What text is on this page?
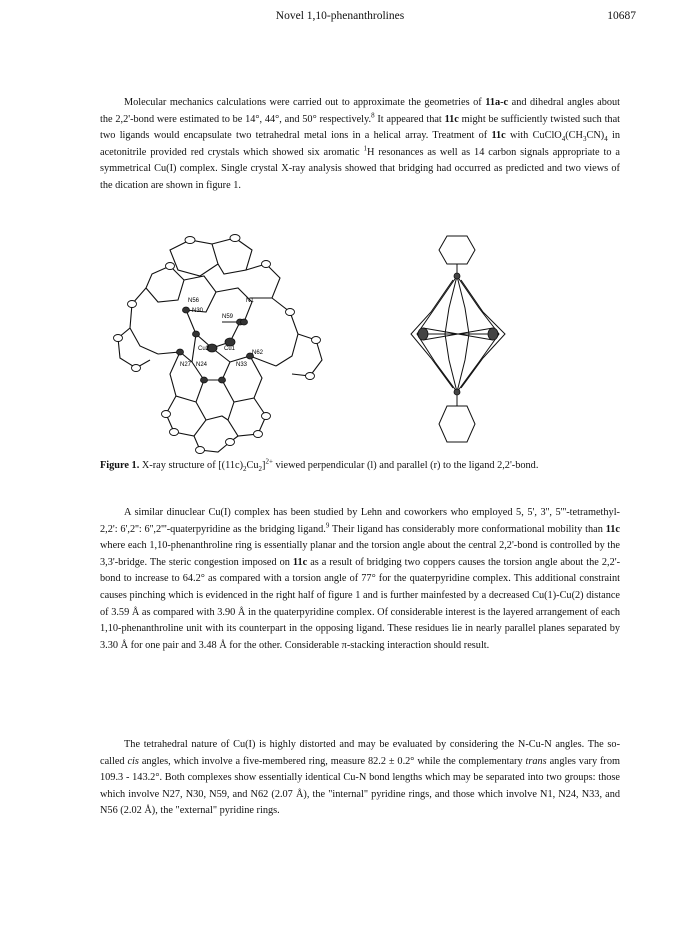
Novel 1,10-phenanthrolines	10687

Molecular mechanics calculations were carried out to approximate the geometries of 11a-c and dihedral angles about the 2,2'-bond were estimated to be 14°, 44°, and 50° respectively.$^8$ It appeared that 11c might be sufficiently twisted such that two ligands would encapsulate two tetrahedral metal ions in a helical array. Treatment of 11c with $CuClO_4(CH_3CN)_4$ in acetonitrile provided red crystals which showed six aromatic $^1$H resonances as well as 14 carbon signals appropriate to a symmetrical Cu(I) complex. Single crystal X-ray analysis showed that bridging had occurred as predicted and two views of the dication are shown in figure 1.

N56
N30
N1
N59
Cu2 Cu1
N62
N27 N24	N33
Figure 1. X-ray structure of $[(11c)_2Cu_2]^{2+}$ viewed perpendicular (l) and parallel (r) to the ligand 2,2'-bond.

A similar dinuclear Cu(I) complex has been studied by Lehn and coworkers who employed 5, 5', 3'', 5'''-tetramethyl-2,2': 6',2'': 6'',2'''-quaterpyridine as the bridging ligand.$^9$ Their ligand has considerably more conformational mobility than 11c where each 1,10-phenanthroline ring is essentially planar and the torsion angle about the central 2,2'-bond is controlled by the 3,3'-bridge. The steric congestion imposed on 11c as a result of bridging two coppers causes the torsion angle about the 2,2'-bond to increase to 64.2° as compared with a torsion angle of 77° for the quaterpyridine complex. This additional constraint causes pinching which is evidenced in the right half of figure 1 and is further mainfested by a decreased Cu(1)-Cu(2) distance of 3.59 Å as compared with 3.90 Å in the quaterpyridine complex. Of considerable interest is the layered arrangement of each 1,10-phenanthroline unit with its counterpart in the opposing ligand. These residues lie in nearly parallel planes separated by 3.30 Å for one pair and 3.48 Å for the other. Considerable π-stacking interaction should result.

The tetrahedral nature of Cu(I) is highly distorted and may be evaluated by considering the N-Cu-N angles. The so-called cis angles, which involve a five-membered ring, measure 82.2 ± 0.2° while the complementary trans angles vary from 109.3 - 143.2°. Both complexes show essentially identical Cu-N bond lengths which may be separated into two groups: those which involve N27, N30, N59, and N62 (2.07 Å), the "internal" pyridine rings, and those which involve N1, N24, N33, and N56 (2.02 Å), the "external" pyridine rings.
